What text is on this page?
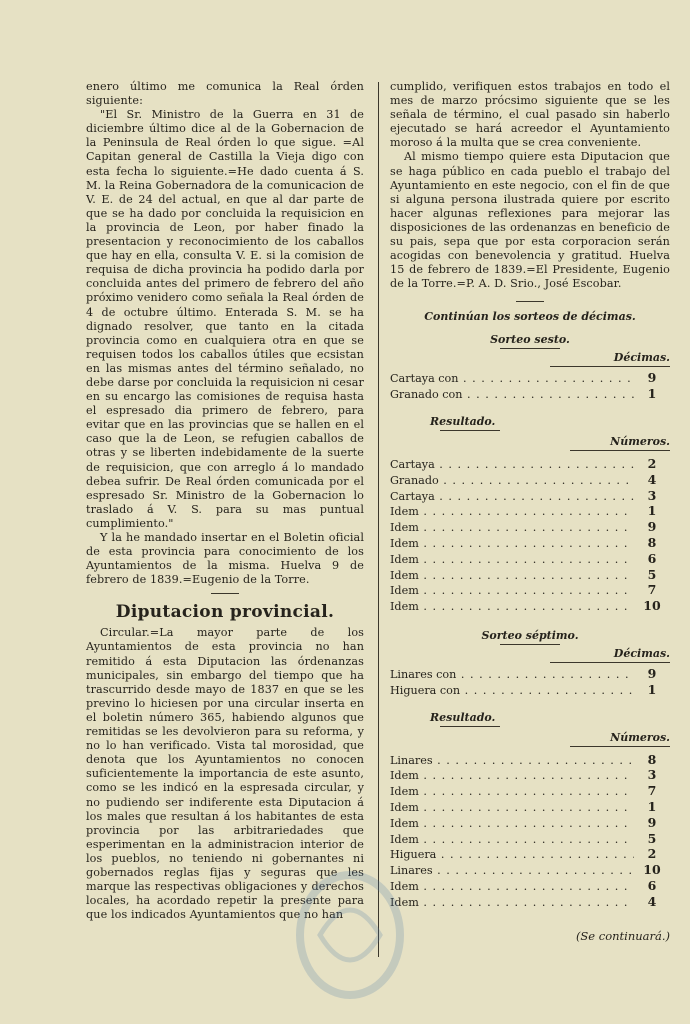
enero último me comunica la Real órden siguiente:

"El Sr. Ministro de la Guerra en 31 de diciembre último dice al de la Gobernacion de la Peninsula de Real órden lo que sigue. =Al Capitan general de Castilla la Vieja digo con esta fecha lo siguiente.=He dado cuenta á S. M. la Reina Gobernadora de la comunicacion de V. E. de 24 del actual, en que al dar parte de que se ha dado por concluida la requisicion en la provincia de Leon, por haber finado la presentacion y reconocimiento de los caballos que hay en ella, consulta V. E. si la comision de requisa de dicha provincia ha podido darla por concluida antes del primero de febrero del año próximo venidero como señala la Real órden de 4 de octubre último. Enterada S. M. se ha dignado resolver, que tanto en la citada provincia como en cualquiera otra en que se requisen todos los caballos útiles que ecsistan en las mismas antes del término señalado, no debe darse por concluida la requisicion ni cesar en su encargo las comisiones de requisa hasta el espresado dia primero de febrero, para evitar que en las provincias que se hallen en el caso que la de Leon, se refugien caballos de otras y se liberten indebidamente de la suerte de requisicion, que con arreglo á lo mandado debea sufrir. De Real órden comunicada por el espresado Sr. Ministro de la Gobernacion lo traslado á V. S. para su mas puntual cumplimiento."

Y la he mandado insertar en el Boletin oficial de esta provincia para conocimiento de los Ayuntamientos de la misma. Huelva 9 de febrero de 1839.=Eugenio de la Torre.

Diputacion provincial.

Circular.=La mayor parte de los Ayuntamientos de esta provincia no han remitido á esta Diputacion las órdenanzas municipales, sin embargo del tiempo que ha trascurrido desde mayo de 1837 en que se les previno lo hiciesen por una circular inserta en el boletin número 365, habiendo algunos que remitidas se les devolvieron para su reforma, y no lo han verificado. Vista tal morosidad, que denota que los Ayuntamientos no conocen suficientemente la importancia de este asunto, como se les indicó en la espresada circular, y no pudiendo ser indiferente esta Diputacion á los males que resultan á los habitantes de esta provincia por las arbitrariedades que esperimentan en la administracion interior de los pueblos, no teniendo ni gobernantes ni gobernados reglas fijas y seguras que les marque las respectivas obligaciones y derechos locales, ha acordado repetir la presente para que los indicados Ayuntamientos que no han

cumplido, verifiquen estos trabajos en todo el mes de marzo prócsimo siguiente que se les señala de término, el cual pasado sin haberlo ejecutado se hará acreedor el Ayuntamiento moroso á la multa que se crea conveniente.

Al mismo tiempo quiere esta Diputacion que se haga público en cada pueblo el trabajo del Ayuntamiento en este negocio, con el fin de que si alguna persona ilustrada quiere por escrito hacer algunas reflexiones para mejorar las disposiciones de las ordenanzas en beneficio de su pais, sepa que por esta corporacion serán acogidas con benevolencia y gratitud. Huelva 15 de febrero de 1839.=El Presidente, Eugenio de la Torre.=P. A. D. Srio., José Escobar.

Continúan los sorteos de décimas.

Sorteo sesto.

Décimas.

Cartaya con . . .	9
Granado con . . .	1

Resultado.

Números.

Cartaya . . .	2
Granado . . .	4
Cartaya . . .	3
Idem . . .	1
Idem . . .	9
Idem . . .	8
Idem . . .	6
Idem . . .	5
Idem . . .	7
Idem . . .	10

Sorteo séptimo.

Décimas.

Linares con . . .	9
Higuera con . . .	1

Resultado.

Números.

Linares . . .	8
Idem . . .	3
Idem . . .	7
Idem . . .	1
Idem . . .	9
Idem . . .	5
Higuera . . .	2
Linares . . .	10
Idem . . .	6
Idem . . .	4
(Se continuará.)
